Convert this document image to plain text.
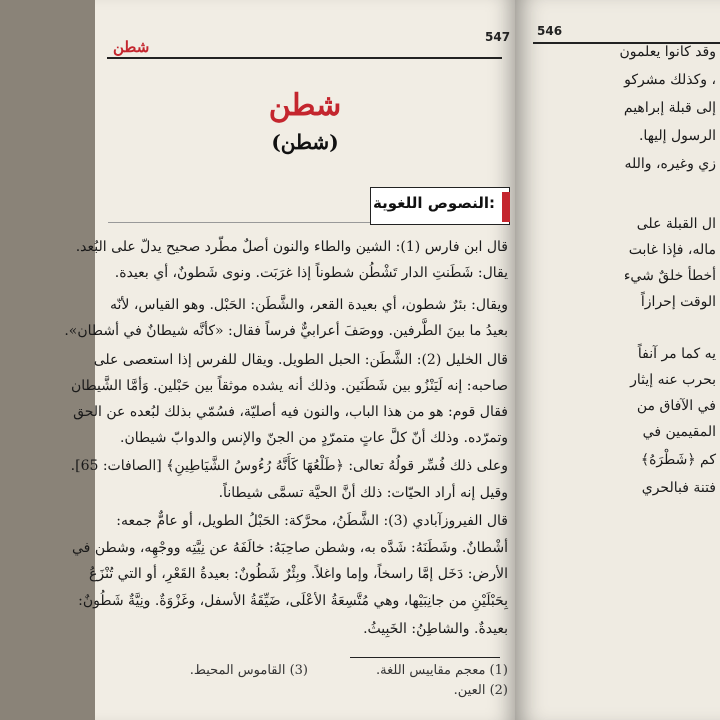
شطن
547
شطن
(شطن)
النصوص اللغوية:
قال ابن فارس (1): الشين والطاء والنون أصلٌ مطّرد صحيح يدلّ على البُعد.
يقال: شَطَنتِ الدار تَشْطُن شطوناً إذا غرَبَت. ونوى شَطونٌ، أي بعيدة.
ويقال: بئرٌ شطون، أي بعيدة القعر، والشَّطَن: الحَبْل. وهو القياس، لأنّه
بعيدُ ما بينَ الطَّرفين. ووصَفَ أعرابيٌّ فرساً فقال: «كأنَّه شيطانٌ في أشطان».
قال الخليل (2): الشَّطَن: الحبل الطويل. ويقال للفرس إذا استعصى على
صاحبه: إنه لَيَنْزُو بين شَطَنَين. وذلك أنه يشده موثقاً بين حَبْلين. وَأمَّا الشَّيطان
فقال قوم: هو من هذا الباب، والنون فيه أصليّة، فسُمّي بذلك لبُعده عن الحق
وتمرّده. وذلك أنّ كلَّ عاتٍ متمرّدٍ من الجنّ والإنس والدوابّ شيطان.
وعلى ذلك فُسِّر قولُهُ تعالى: ﴿طَلْعُهَا كَأَنَّهُ رُءُوسُ الشَّيَاطِينِ﴾ [الصافات: 65].
وقيل إنه أراد الحيّات: ذلك أنَّ الحيَّة تسمَّى شيطاناً.
قال الفيروزآبادي (3): الشَّطَنُ، محرَّكة: الحَبْلُ الطويل، أو عامٌّ جمعه:
أشْطانٌ. وشَطَنَهُ: شَدَّه به، وشطن صاحِبَهُ: خالَفَهُ عن نِيَّتِه ووجْهِه، وشطن في
الأرض: دَخَل إمَّا راسخاً، وإما واغلاً. وبِئْرٌ شَطُونٌ: بعيدةُ القَعْرِ، أو التي تُنْزَعُ
بِحَبْلَيْنِ من جانِبَيْها، وهي مُتَّسِعَةُ الأعْلَى، ضَيِّقَةُ الأسفل، وغَزْوَةٌ. ونِيَّةٌ شَطُونٌ:
بعيدةٌ. والشاطِنُ: الخَبِيثُ.
(1) معجم مقاييس اللغة.
(2) العين.
(3) القاموس المحيط.
546
وقد كانوا يعلمون
، وكذلك مشركو
إلى قبلة إبراهيم
الرسول إليها.
زي وغيره، والله
ال القبلة على
ماله، فإذا غابت
أخطأ خلقٌ شيء
الوقت إحرازاً
يه كما مر آنفاً
بحرب عنه إيثار
في الآفاق من
المقيمين في
كم ﴿شَطْرَهُ﴾
فتنة فبالحري
